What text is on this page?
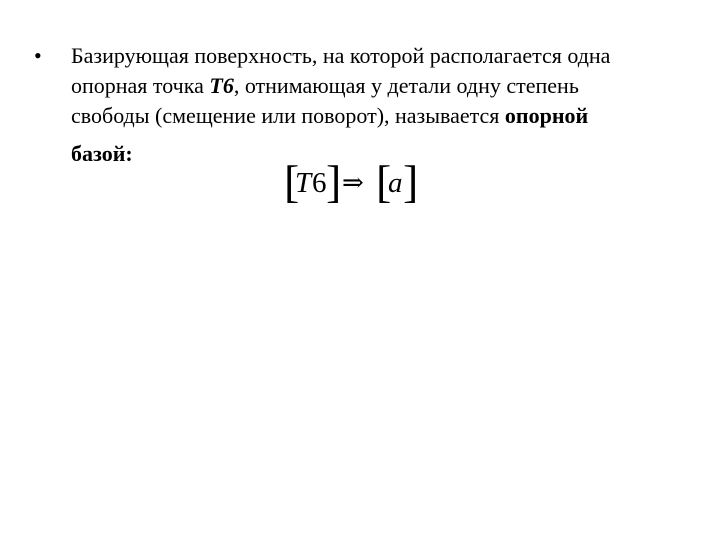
• Базирующая поверхность, на которой располагается одна
опорная точка Т6, отнимающая у детали одну степень
свободы (смещение или поворот), называется опорной
базой:
[
T 6 ] ⇒ [
a ]
